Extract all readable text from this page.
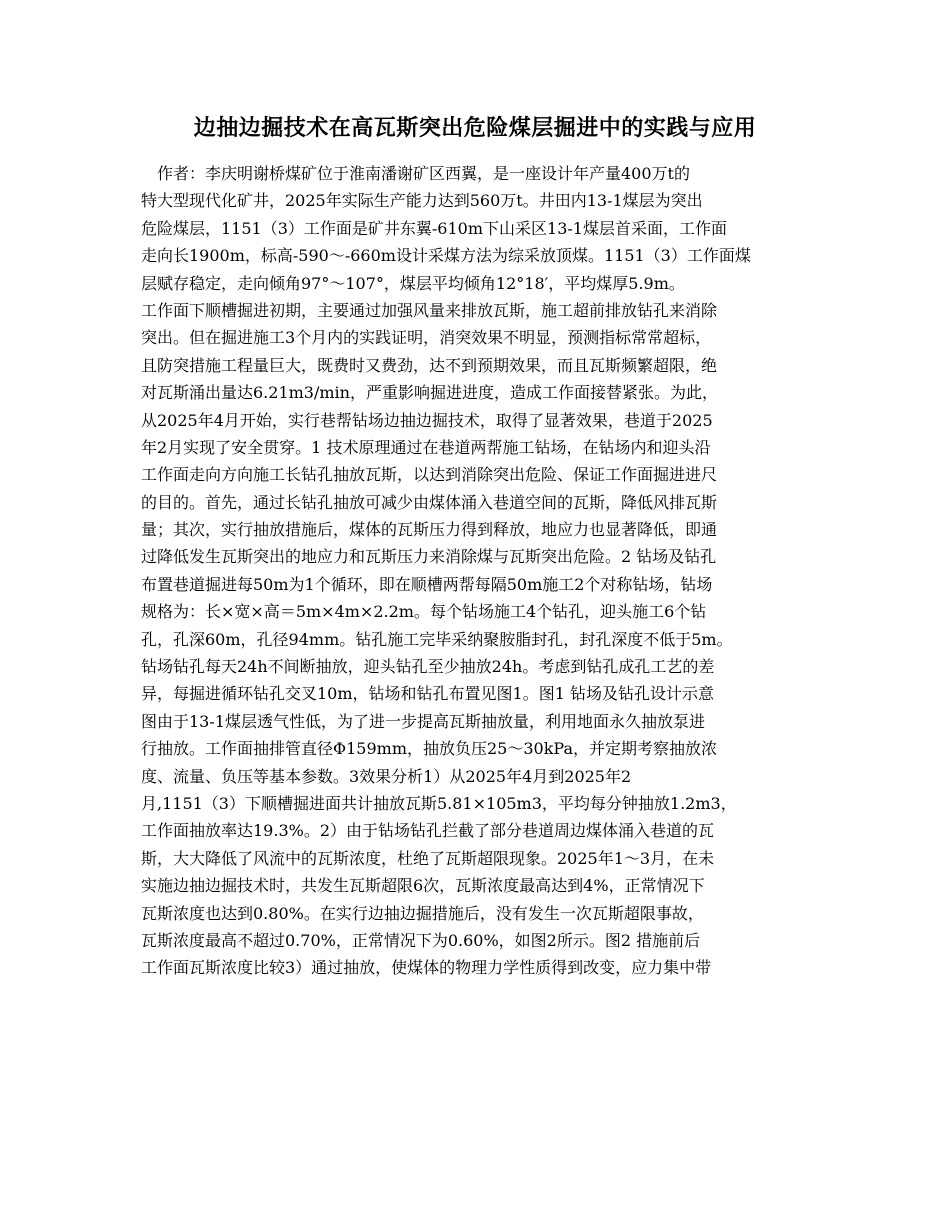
边抽边掘技术在高瓦斯突出危险煤层掘进中的实践与应用
　作者：李庆明谢桥煤矿位于淮南潘谢矿区西翼，是一座设计年产量400万t的
特大型现代化矿井，2025年实际生产能力达到560万t。井田内13-1煤层为突出
危险煤层，1151（3）工作面是矿井东翼-610m下山采区13-1煤层首采面，工作面
走向长1900m，标高-590～-660m设计采煤方法为综采放顶煤。1151（3）工作面煤
层赋存稳定，走向倾角97°～107°，煤层平均倾角12°18′，平均煤厚5.9m。
工作面下顺槽掘进初期，主要通过加强风量来排放瓦斯，施工超前排放钻孔来消除
突出。但在掘进施工3个月内的实践证明，消突效果不明显，预测指标常常超标，
且防突措施工程量巨大，既费时又费劲，达不到预期效果，而且瓦斯频繁超限，绝
对瓦斯涌出量达6.21m3/min，严重影响掘进进度，造成工作面接替紧张。为此，
从2025年4月开始，实行巷帮钻场边抽边掘技术，取得了显著效果，巷道于2025
年2月实现了安全贯穿。1 技术原理通过在巷道两帮施工钻场，在钻场内和迎头沿
工作面走向方向施工长钻孔抽放瓦斯，以达到消除突出危险、保证工作面掘进进尺
的目的。首先，通过长钻孔抽放可减少由煤体涌入巷道空间的瓦斯，降低风排瓦斯
量；其次，实行抽放措施后，煤体的瓦斯压力得到释放，地应力也显著降低，即通
过降低发生瓦斯突出的地应力和瓦斯压力来消除煤与瓦斯突出危险。2 钻场及钻孔
布置巷道掘进每50m为1个循环，即在顺槽两帮每隔50m施工2个对称钻场，钻场
规格为：长×宽×高＝5m×4m×2.2m。每个钻场施工4个钻孔，迎头施工6个钻
孔，孔深60m，孔径94mm。钻孔施工完毕采纳聚胺脂封孔，封孔深度不低于5m。
钻场钻孔每天24h不间断抽放，迎头钻孔至少抽放24h。考虑到钻孔成孔工艺的差
异，每掘进循环钻孔交叉10m，钻场和钻孔布置见图1。图1 钻场及钻孔设计示意
图由于13-1煤层透气性低，为了进一步提高瓦斯抽放量，利用地面永久抽放泵进
行抽放。工作面抽排管直径Φ159mm，抽放负压25～30kPa，并定期考察抽放浓
度、流量、负压等基本参数。3效果分析1）从2025年4月到2025年2
月,1151（3）下顺槽掘进面共计抽放瓦斯5.81×105m3，平均每分钟抽放1.2m3，
工作面抽放率达19.3%。2）由于钻场钻孔拦截了部分巷道周边煤体涌入巷道的瓦
斯，大大降低了风流中的瓦斯浓度，杜绝了瓦斯超限现象。2025年1～3月，在未
实施边抽边掘技术时，共发生瓦斯超限6次，瓦斯浓度最高达到4%，正常情况下
瓦斯浓度也达到0.80%。在实行边抽边掘措施后，没有发生一次瓦斯超限事故，
瓦斯浓度最高不超过0.70%，正常情况下为0.60%，如图2所示。图2 措施前后
工作面瓦斯浓度比较3）通过抽放，使煤体的物理力学性质得到改变，应力集中带
